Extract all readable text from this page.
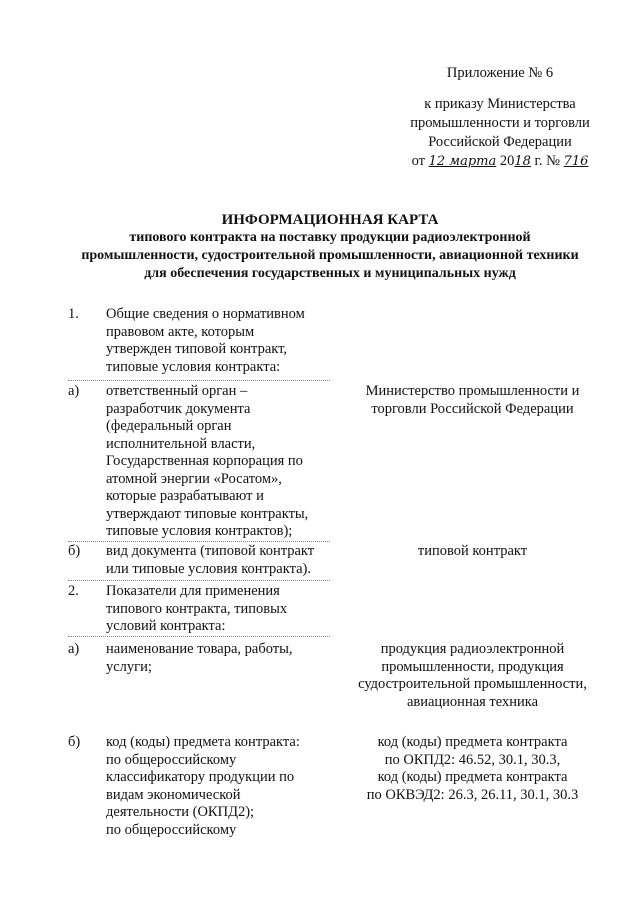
Приложение № 6
к приказу Министерства
промышленности и торговли
Российской Федерации
от 12 марта 2018 г. № 716
ИНФОРМАЦИОННАЯ КАРТА
типового контракта на поставку продукции радиоэлектронной
промышленности, судостроительной промышленности, авиационной техники
для обеспечения государственных и муниципальных нужд
1. Общие сведения о нормативном
правовом акте, которым
утвержден типовой контракт,
типовые условия контракта:
а) ответственный орган –
разработчик документа
(федеральный орган
исполнительной власти,
Государственная корпорация по
атомной энергии «Росатом»,
которые разрабатывают и
утверждают типовые контракты,
типовые условия контрактов);
Министерство промышленности и
торговли Российской Федерации
б) вид документа (типовой контракт
или типовые условия контракта).
типовой контракт
2. Показатели для применения
типового контракта, типовых
условий контракта:
а) наименование товара, работы,
услуги;
продукция радиоэлектронной
промышленности, продукция
судостроительной промышленности,
авиационная техника
б) код (коды) предмета контракта:
по общероссийскому
классификатору продукции по
видам экономической
деятельности (ОКПД2);
по общероссийскому
код (коды) предмета контракта
по ОКПД2: 46.52, 30.1, 30.3,
код (коды) предмета контракта
по ОКВЭД2: 26.3, 26.11, 30.1, 30.3
